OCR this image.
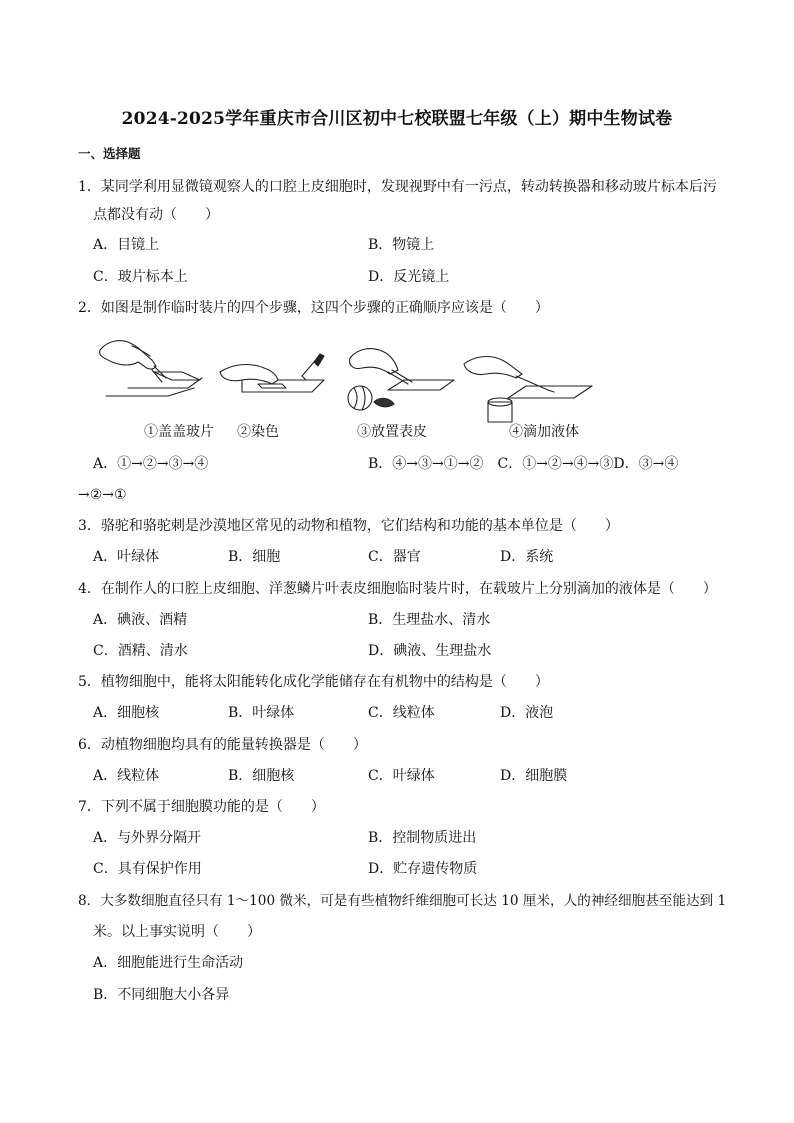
2024-2025学年重庆市合川区初中七校联盟七年级（上）期中生物试卷
一、选择题
1．某同学利用显微镜观察人的口腔上皮细胞时，发现视野中有一污点，转动转换器和移动玻片标本后污
点都没有动（　　）
A．目镜上	B．物镜上
C．玻片标本上	D．反光镜上
2．如图是制作临时装片的四个步骤，这四个步骤的正确顺序应该是（　　）
①盖盖玻片 ②染色	③放置表皮	④滴加液体
A．①→②→③→④	B．④→③→①→②　C．①→②→④→③D．③→④
→②→①
3．骆驼和骆驼刺是沙漠地区常见的动物和植物，它们结构和功能的基本单位是（　　）
A．叶绿体	B．细胞	C．器官	D．系统
4．在制作人的口腔上皮细胞、洋葱鳞片叶表皮细胞临时装片时，在载玻片上分别滴加的液体是（　　）
A．碘液、酒精	B．生理盐水、清水
C．酒精、清水	D．碘液、生理盐水
5．植物细胞中，能将太阳能转化成化学能储存在有机物中的结构是（　　）
A．细胞核	B．叶绿体	C．线粒体	D．液泡
6．动植物细胞均具有的能量转换器是（　　）
A．线粒体	B．细胞核	C．叶绿体	D．细胞膜
7．下列不属于细胞膜功能的是（　　）
A．与外界分隔开	B．控制物质进出
C．具有保护作用	D．贮存遗传物质
8．大多数细胞直径只有 1～100 微米，可是有些植物纤维细胞可长达 10 厘米，人的神经细胞甚至能达到 1
米。以上事实说明（　　）
A．细胞能进行生命活动
B．不同细胞大小各异
